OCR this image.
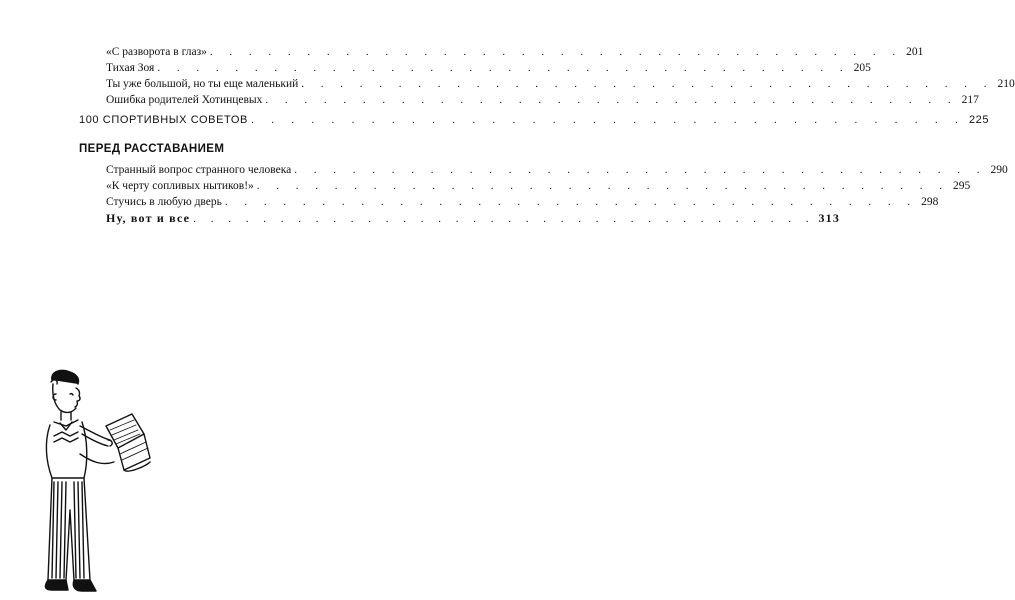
«С разворота в глаз» . . . . . . . . . . . . . . . . . . . . . . . . . . . . . . . . . . . . 201
Тихая Зоя . . . . . . . . . . . . . . . . . . . . . . . . . . . . . . . . . . . . 205
Ты уже большой, но ты еще маленький . . . . . . . . . . . . . . . . . . . . . . . . . . . . . . . . . . . . 210
Ошибка родителей Хотинцевых . . . . . . . . . . . . . . . . . . . . . . . . . . . . . . . . . . . . 217
100 СПОРТИВНЫХ СОВЕТОВ . . . . . . . . . . . . . . . . . . . . . . . . . . . . . . . . . . . . 225
ПЕРЕД РАССТАВАНИЕМ
Странный вопрос странного человека . . . . . . . . . . . . . . . . . . . . . . . . . . . . . . . . . . . . 290
«К черту сопливых нытиков!» . . . . . . . . . . . . . . . . . . . . . . . . . . . . . . . . . . . . 295
Стучись в любую дверь . . . . . . . . . . . . . . . . . . . . . . . . . . . . . . . . . . . . 298
Ну, вот и все . . . . . . . . . . . . . . . . . . . . . . . . . . . . . . . . . . . . 313
